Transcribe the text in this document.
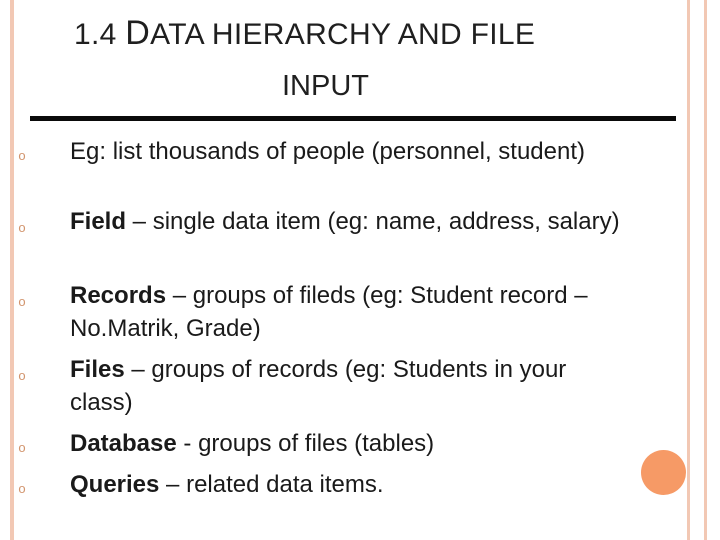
1.4 DATA HIERARCHY AND FILE
INPUT
o Eg: list thousands of people (personnel, student)
o Field – single data item (eg: name, address, salary)
o Records – groups of fileds (eg: Student record – No.Matrik, Grade)
o Files – groups of records (eg: Students in your class)
o Database - groups of files (tables)
o Queries – related data items.
